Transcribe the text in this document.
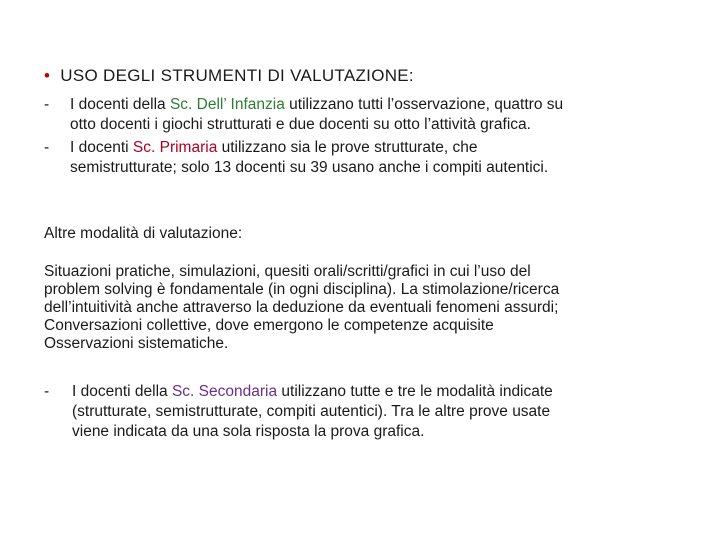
• USO DEGLI STRUMENTI DI VALUTAZIONE:
- I docenti della Sc. Dell’ Infanzia utilizzano tutti l’osservazione, quattro su
otto docenti i giochi strutturati e due docenti su otto l’attività grafica.
- I docenti Sc. Primaria utilizzano sia le prove strutturate, che
semistrutturate; solo 13 docenti su 39 usano anche i compiti autentici.
Altre modalità di valutazione:
Situazioni pratiche, simulazioni, quesiti orali/scritti/grafici in cui l’uso del
problem solving è fondamentale (in ogni disciplina). La stimolazione/ricerca
dell’intuitività anche attraverso la deduzione da eventuali fenomeni assurdi;
Conversazioni collettive, dove emergono le competenze acquisite
Osservazioni sistematiche.
- I docenti della Sc. Secondaria utilizzano tutte e tre le modalità indicate
(strutturate, semistrutturate, compiti autentici). Tra le altre prove usate
viene indicata da una sola risposta la prova grafica.
